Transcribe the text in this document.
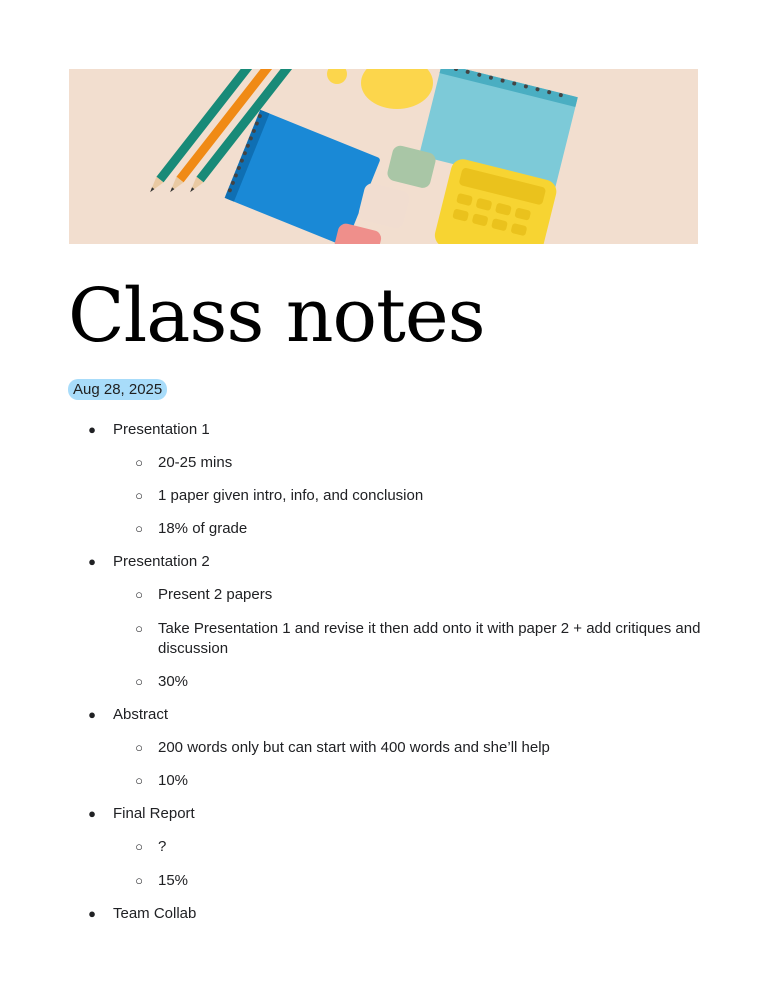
Class notes
Aug 28, 2025
● Presentation 1
○ 20-25 mins
○ 1 paper given intro, info, and conclusion
○ 18% of grade
● Presentation 2
○ Present 2 papers
○ Take Presentation 1 and revise it then add onto it with paper 2 + add critiques and discussion
○ 30%
● Abstract
○ 200 words only but can start with 400 words and she’ll help
○ 10%
● Final Report
○ ?
○ 15%
● Team Collab
